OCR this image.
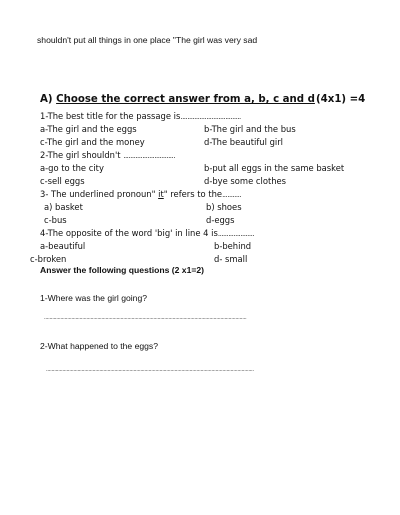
shouldn't put all things in one place "The girl was very sad
A) Choose the correct answer from a, b, c and d (4x1) =4
1-The best title for the passage is...................................
a-The girl and the eggs	b-The girl and the bus
c-The girl and the money	d-The beautiful girl
2-The girl shouldn't ..............................
a-go to the city	b-put all eggs in the same basket
c-sell eggs	d-bye some clothes
3- The underlined pronoun" it" refers to the...........
a) basket	b) shoes
c-bus	d-eggs
4-The opposite of the word 'big' in line 4 is.....................
a-beautiful	b-behind
c-broken	d- small
Answer the following questions (2 x1=2)
1-Where was the girl going?
....................................................................................................................................................
2-What happened to the eggs?
........................................................................................................................................................
